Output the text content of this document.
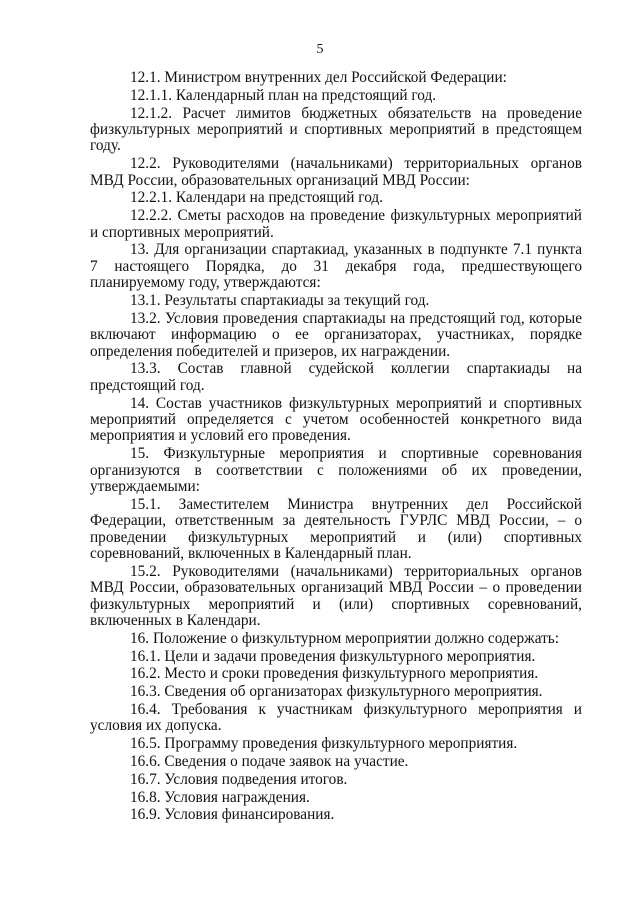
5

12.1. Министром внутренних дел Российской Федерации:

12.1.1. Календарный план на предстоящий год.

12.1.2. Расчет лимитов бюджетных обязательств на проведение физкультурных мероприятий и спортивных мероприятий в предстоящем году.

12.2. Руководителями (начальниками) территориальных органов МВД России, образовательных организаций МВД России:

12.2.1. Календари на предстоящий год.

12.2.2. Сметы расходов на проведение физкультурных мероприятий и спортивных мероприятий.

13. Для организации спартакиад, указанных в подпункте 7.1 пункта 7 настоящего Порядка, до 31 декабря года, предшествующего планируемому году, утверждаются:

13.1. Результаты спартакиады за текущий год.

13.2. Условия проведения спартакиады на предстоящий год, которые включают информацию о ее организаторах, участниках, порядке определения победителей и призеров, их награждении.

13.3. Состав главной судейской коллегии спартакиады на предстоящий год.

14. Состав участников физкультурных мероприятий и спортивных мероприятий определяется с учетом особенностей конкретного вида мероприятия и условий его проведения.

15. Физкультурные мероприятия и спортивные соревнования организуются в соответствии с положениями об их проведении, утверждаемыми:

15.1. Заместителем Министра внутренних дел Российской Федерации, ответственным за деятельность ГУРЛС МВД России, – о проведении физкультурных мероприятий и (или) спортивных соревнований, включенных в Календарный план.

15.2. Руководителями (начальниками) территориальных органов МВД России, образовательных организаций МВД России – о проведении физкультурных мероприятий и (или) спортивных соревнований, включенных в Календари.

16. Положение о физкультурном мероприятии должно содержать:

16.1. Цели и задачи проведения физкультурного мероприятия.

16.2. Место и сроки проведения физкультурного мероприятия.

16.3. Сведения об организаторах физкультурного мероприятия.

16.4. Требования к участникам физкультурного мероприятия и условия их допуска.

16.5. Программу проведения физкультурного мероприятия.

16.6. Сведения о подаче заявок на участие.

16.7. Условия подведения итогов.

16.8. Условия награждения.

16.9. Условия финансирования.
